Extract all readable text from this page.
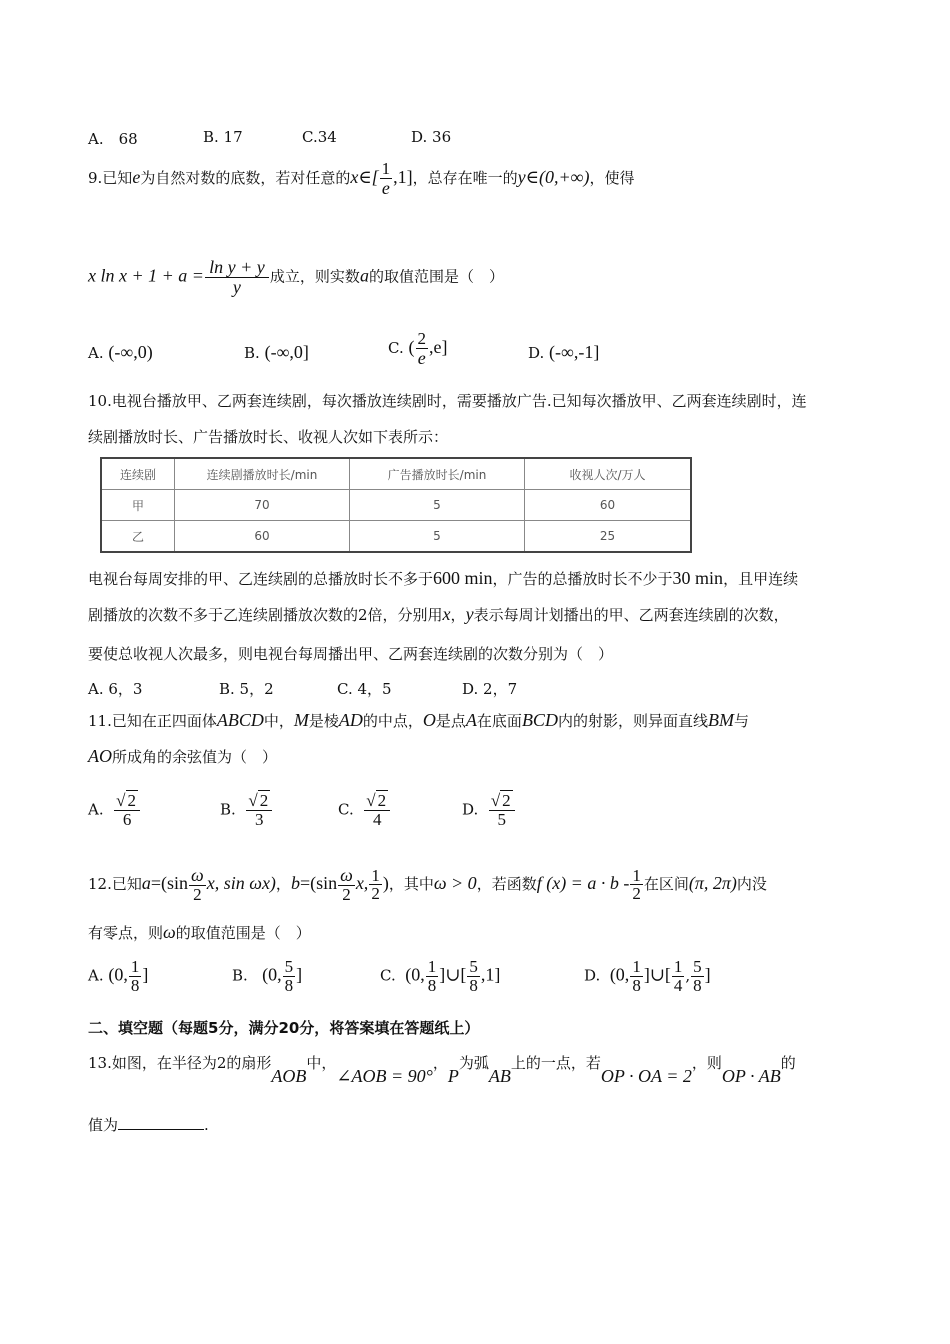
A.　68	B. 17	C.34	D. 36
9.已知e为自然对数的底数，若对任意的x∈[ $\frac{1}{e} ,1$]，总存在唯一的y∈(0,+∞)，使得
x $\ln x + 1 + a = \frac{\text{ln y + y}}{y}$ 成立，则实数a的取值范围是（　）
A. (-∞,0)	B. (-∞,0]	C. ( $\frac{2}{e} ,e$]	D. (-∞,-1]
10.电视台播放甲、乙两套连续剧，每次播放连续剧时，需要播放广告.已知每次播放甲、乙两套连续剧时，连
续剧播放时长、广告播放时长、收视人次如下表所示：
连续剧	连续剧播放时长/min	广告播放时长/min	收视人次/万人
甲	70	5	60
乙	60	5	25
电视台每周安排的甲、乙连续剧的总播放时长不多于600 min，广告的总播放时长不少于30 min，且甲连续
剧播放的次数不多于乙连续剧播放次数的2倍，分别用x，y表示每周计划播出的甲、乙两套连续剧的次数，
要使总收视人次最多，则电视台每周播出甲、乙两套连续剧的次数分别为（　）
A. 6，3	B. 5，2	C. 4，5	D. 2，7
11.已知在正四面体ABCD中，M是棱AD的中点，O是点A在底面BCD内的射影，则异面直线BM与
AO所成角的余弦值为（　）
A. $\frac{√ 2}{6}$	B. $\frac{√ 2}{3}$	C. $\frac{√ 2}{4}$	D. $\frac{√ 2}{5}$
12.已知$a=(\sin \frac{\omega}{2} x$, sin ωx)，$b=(\sin \frac{\omega}{2} x$, $\frac{1}{2}$ )，其中ω > 0，若函数f $(x) = a \cdot b - \frac{1}{2}$ 在区间(π, 2π)内没
有零点，则ω的取值范围是（　）
A. (0, $\frac{1}{8}$ ]	B. (0, $\frac{5}{8}$ ]	C. (0, $\frac{1}{8}$ ]∪[ $\frac{5}{8} ,1$]	D. (0, $\frac{1}{8}$ ]∪[ $\frac{1}{4}$ , $\frac{5}{8}$ ]
二、填空题（每题5分，满分20分，将答案填在答题纸上）
13.如图，在半径为2的扇形AOB中，∠AOB = 90°，P为弧AB上的一点，若OP · OA = 2，则OP · AB的
值为	.
